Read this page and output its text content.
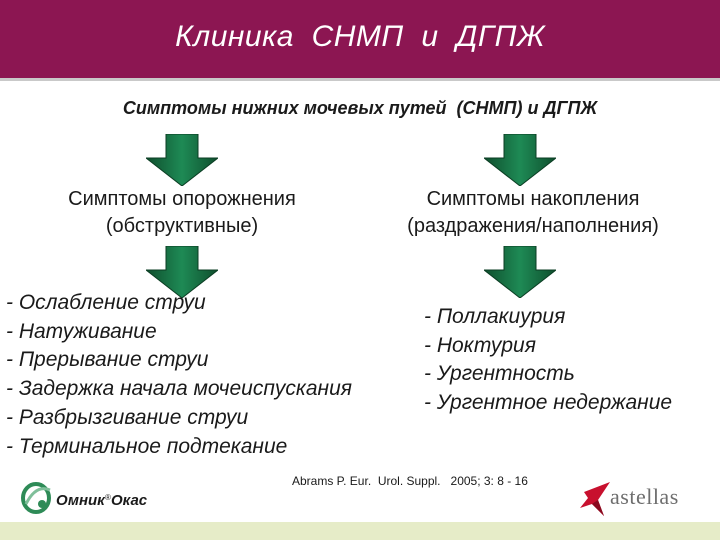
Клиника  СНМП  и  ДГПЖ
Симптомы нижних мочевых путей  (СНМП) и ДГПЖ
Симптомы опорожнения
(обструктивные)
Симптомы накопления
(раздражения/наполнения)
- Ослабление струи
- Натуживание
- Прерывание струи
- Задержка начала мочеиспускания
- Разбрызгивание струи
- Терминальное подтекание
- Поллакиурия
- Ноктурия
- Ургентность
- Ургентное недержание
Abrams P. Eur.  Urol. Suppl.   2005; 3: 8 - 16
Омник ® Окас	astellas
